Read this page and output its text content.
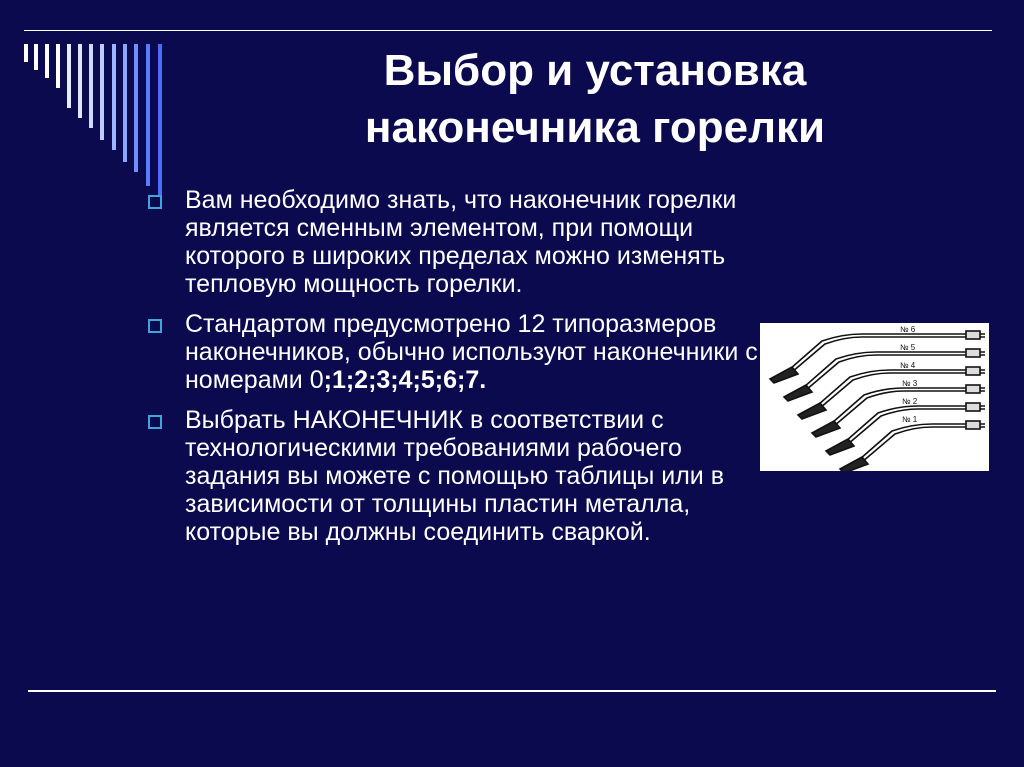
Выбор и установка
наконечника горелки
Вам необходимо знать, что наконечник горелки является сменным элементом, при помощи которого в широких пределах можно изменять тепловую мощность горелки.
Стандартом предусмотрено 12 типоразмеров наконечников, обычно используют наконечники с номерами 0;1;2;3;4;5;6;7.
Выбрать НАКОНЕЧНИК в соответствии с технологическими требованиями рабочего задания вы можете с помощью таблицы или в зависимости от толщины пластин металла, которые вы должны соединить сваркой.
№ 6
№ 5
№ 4
№ 3
№ 2
№ 1
